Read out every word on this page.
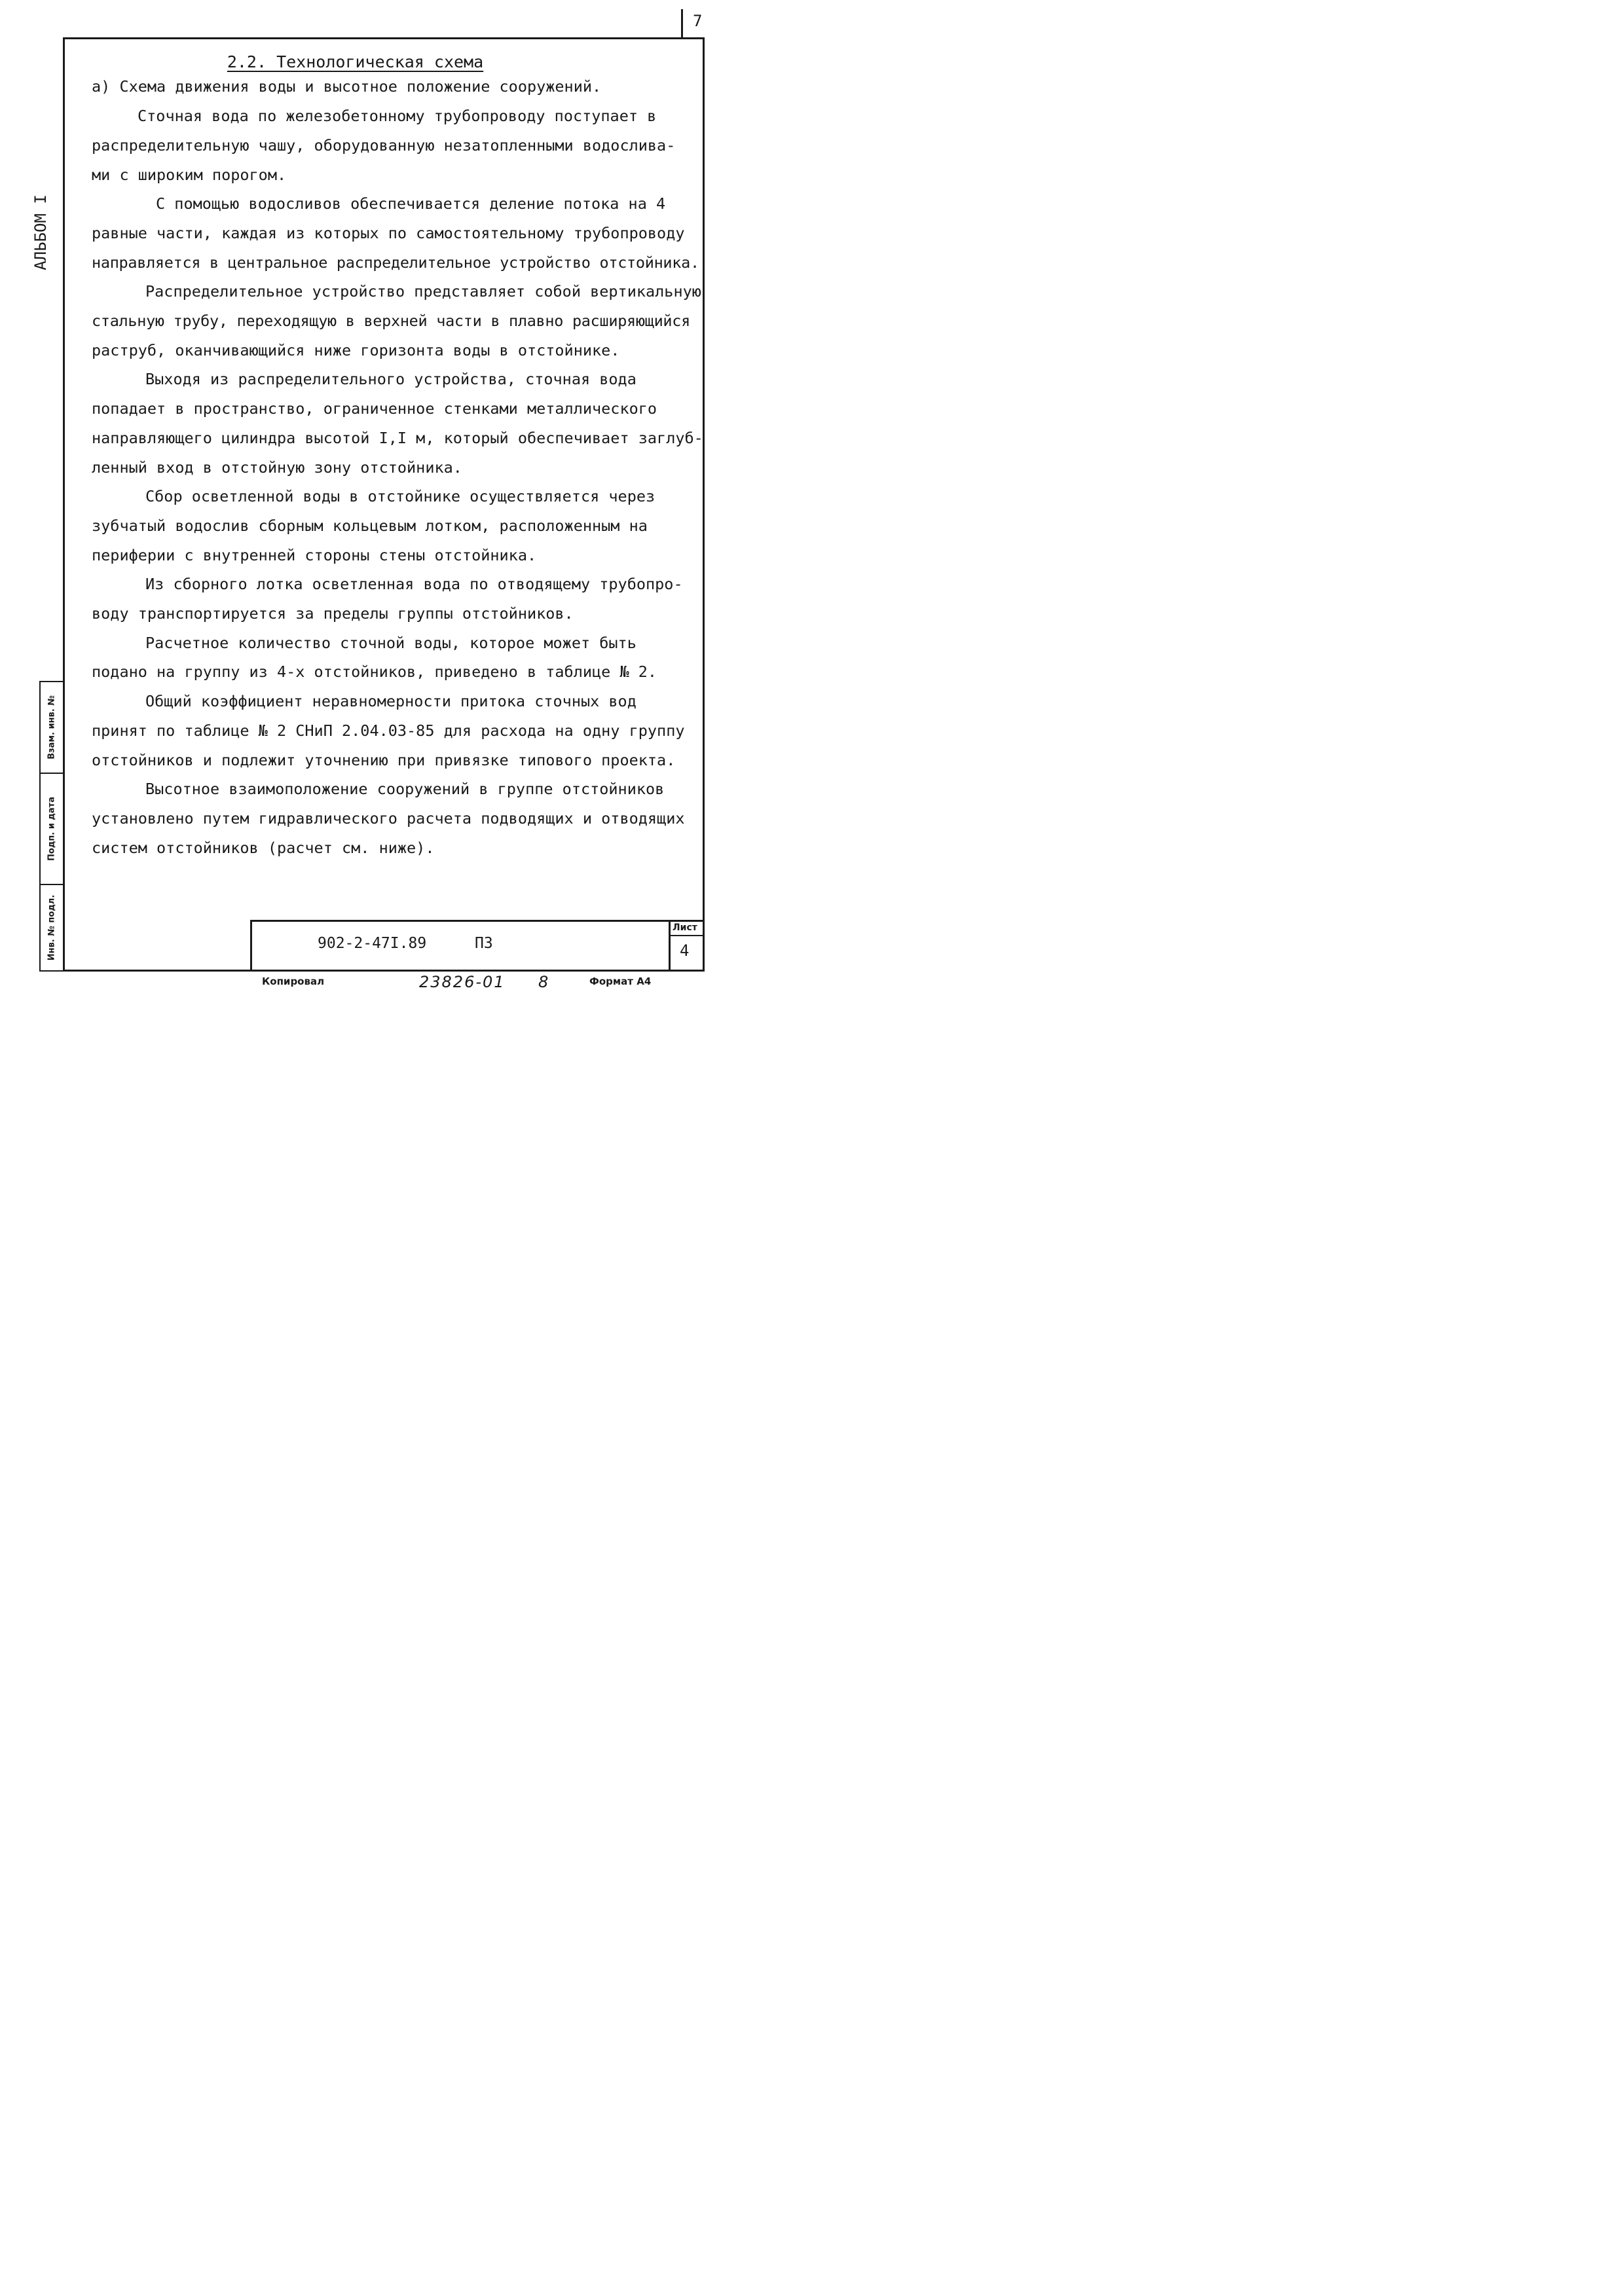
7
АЛЬБОМ I
2.2. Технологическая схема
а) Схема движения воды и высотное положение сооружений.
Сточная вода по железобетонному трубопроводу поступает в
распределительную чашу, оборудованную незатопленными водослива-
ми с широким порогом.
С помощью водосливов обеспечивается деление потока на 4
равные части, каждая из которых по самостоятельному трубопроводу
направляется в центральное распределительное устройство отстойника.
Распределительное устройство представляет собой вертикальную
стальную трубу, переходящую в верхней части в плавно расширяющийся
раструб, оканчивающийся ниже горизонта воды в отстойнике.
Выходя из распределительного устройства, сточная вода
попадает в пространство, ограниченное стенками металлического
направляющего цилиндра высотой I,I м, который обеспечивает заглуб-
ленный вход в отстойную зону отстойника.
Сбор осветленной воды в отстойнике осуществляется через
зубчатый водослив сборным кольцевым лотком, расположенным на
периферии с внутренней стороны стены отстойника.
Из сборного лотка осветленная вода по отводящему трубопро-
воду транспортируется за пределы группы отстойников.
Расчетное количество сточной воды, которое может быть
подано на группу из 4-х отстойников, приведено в таблице № 2.
Общий коэффициент неравномерности притока сточных вод
принят по таблице № 2 СНиП 2.04.03-85 для расхода на одну группу
отстойников и подлежит уточнению при привязке типового проекта.
Высотное взаимоположение сооружений в группе отстойников
установлено путем гидравлического расчета подводящих и отводящих
систем отстойников (расчет см. ниже).
Взам. инв. №
Подп. и дата
Инв. № подл.	902-2-47I.89	ПЗ
Лист
4
Копировал	23826-01 8	Формат А4
